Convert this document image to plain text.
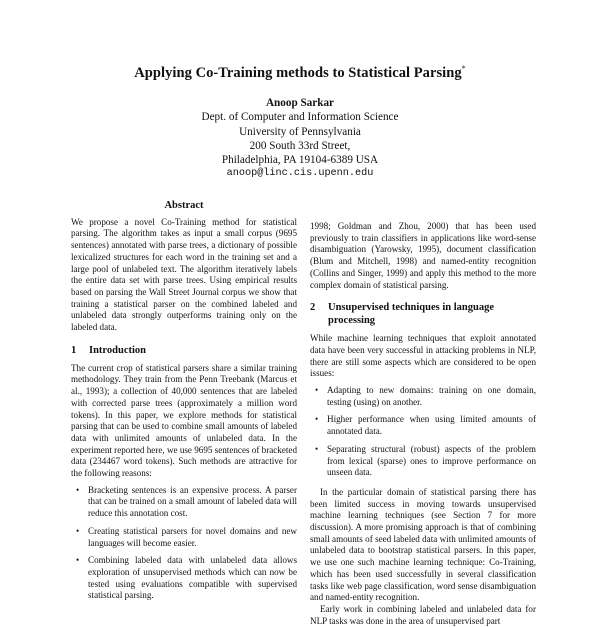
Applying Co-Training methods to Statistical Parsing*
Anoop Sarkar
Dept. of Computer and Information Science
University of Pennsylvania
200 South 33rd Street,
Philadelphia, PA 19104-6389 USA
anoop@linc.cis.upenn.edu
Abstract

We propose a novel Co-Training method for statistical parsing. The algorithm takes as input a small corpus (9695 sentences) annotated with parse trees, a dictionary of possible lexicalized structures for each word in the training set and a large pool of unlabeled text. The algorithm iteratively labels the entire data set with parse trees. Using empirical results based on parsing the Wall Street Journal corpus we show that training a statistical parser on the combined labeled and unlabeled data strongly outperforms training only on the labeled data.

1	Introduction

The current crop of statistical parsers share a similar training methodology. They train from the Penn Treebank (Marcus et al., 1993); a collection of 40,000 sentences that are labeled with corrected parse trees (approximately a million word tokens). In this paper, we explore methods for statistical parsing that can be used to combine small amounts of labeled data with unlimited amounts of unlabeled data. In the experiment reported here, we use 9695 sentences of bracketed data (234467 word tokens). Such methods are attractive for the following reasons:

• Bracketing sentences is an expensive process. A parser that can be trained on a small amount of labeled data will reduce this annotation cost.
• Creating statistical parsers for novel domains and new languages will become easier.
• Combining labeled data with unlabeled data allows exploration of unsupervised methods which can now be tested using evaluations compatible with supervised statistical parsing.

1998; Goldman and Zhou, 2000) that has been used previously to train classifiers in applications like word-sense disambiguation (Yarowsky, 1995), document classification (Blum and Mitchell, 1998) and named-entity recognition (Collins and Singer, 1999) and apply this method to the more complex domain of statistical parsing.

2	Unsupervised techniques in language processing

While machine learning techniques that exploit annotated data have been very successful in attacking problems in NLP, there are still some aspects which are considered to be open issues:

• Adapting to new domains: training on one domain, testing (using) on another.
• Higher performance when using limited amounts of annotated data.
• Separating structural (robust) aspects of the problem from lexical (sparse) ones to improve performance on unseen data.

In the particular domain of statistical parsing there has been limited success in moving towards unsupervised machine learning techniques (see Section 7 for more discussion). A more promising approach is that of combining small amounts of seed labeled data with unlimited amounts of unlabeled data to bootstrap statistical parsers. In this paper, we use one such machine learning technique: Co-Training, which has been used successfully in several classification tasks like web page classification, word sense disambiguation and named-entity recognition.

Early work in combining labeled and unlabeled data for NLP tasks was done in the area of unsupervised part
